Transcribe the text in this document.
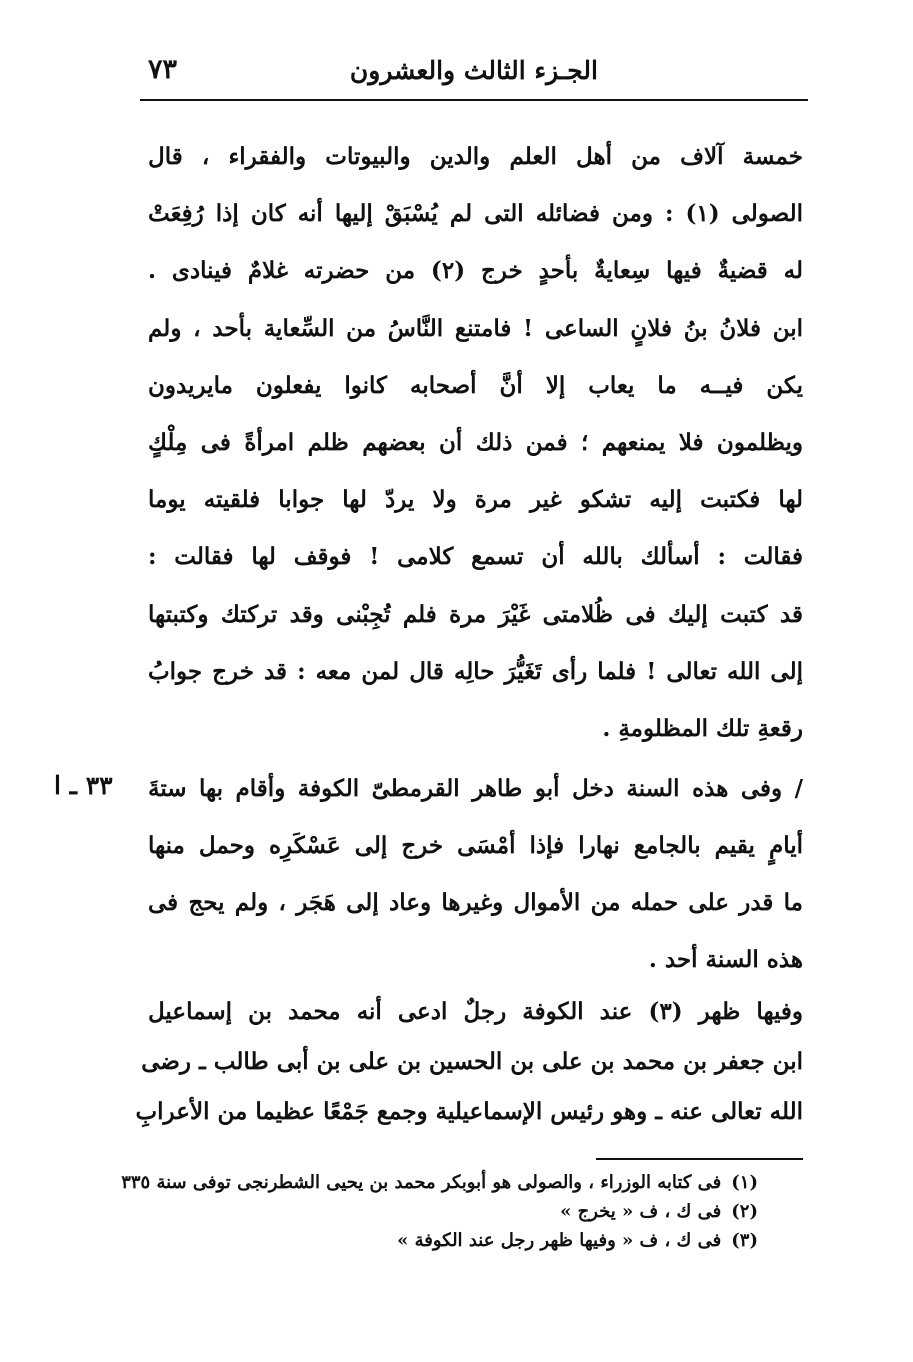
الجـزء الثالث والعشرون
٧٣
خمسة آلاف من أهل العلم والدين والبيوتات والفقراء ، قال
الصولى (١) : ومن فضائله التى لم يُسْبَقْ إليها أنه كان إذا رُفِعَتْ
له قضيةٌ فيها سِعايةٌ بأحدٍ خرج (٢) من حضرته غلامٌ فينادى .
ابن فلانُ بنُ فلانٍ الساعى ! فامتنع النَّاسُ من السِّعاية بأحد ، ولم
يكن فيــه ما يعاب إلا أنَّ أصحابه كانوا يفعلون مايريدون
ويظلمون فلا يمنعهم ؛ فمن ذلك أن بعضهم ظلم امرأةً فى مِلْكٍ
لها فكتبت إليه تشكو غير مرة ولا يردّ لها جوابا فلقيته يوما
فقالت : أسألك بالله أن تسمع كلامى ! فوقف لها فقالت :
قد كتبت إليك فى ظُلامتى غَيْرَ مرة فلم تُجِبْنى وقد تركتك وكتبتها
إلى الله تعالى ! فلما رأى تَغَيُّرَ حالِه قال لمن معه : قد خرج جوابُ
رقعةِ تلك المظلومةِ .
٣٣ ـ ا / وفى هذه السنة دخل أبو طاهر القرمطىّ الكوفة وأقام بها ستةَ
أيامٍ يقيم بالجامع نهارا فإذا أمْسَى خرج إلى عَسْكَرِه وحمل منها
ما قدر على حمله من الأموال وغيرها وعاد إلى هَجَر ، ولم يحج فى
هذه السنة أحد .
وفيها ظهر (٣) عند الكوفة رجلٌ ادعى أنه محمد بن إسماعيل
ابن جعفر بن محمد بن على بن الحسين بن على بن أبى طالب ـ رضى
الله تعالى عنه ـ وهو رئيس الإسماعيلية وجمع جَمْعًا عظيما من الأعرابِ
(١)فى كتابه الوزراء ، والصولى هو أبوبكر محمد بن يحيى الشطرنجى توفى سنة ٣٣٥
(٢)فى ك ، ف « يخرج »
(٣)فى ك ، ف « وفيها ظهر رجل عند الكوفة »
